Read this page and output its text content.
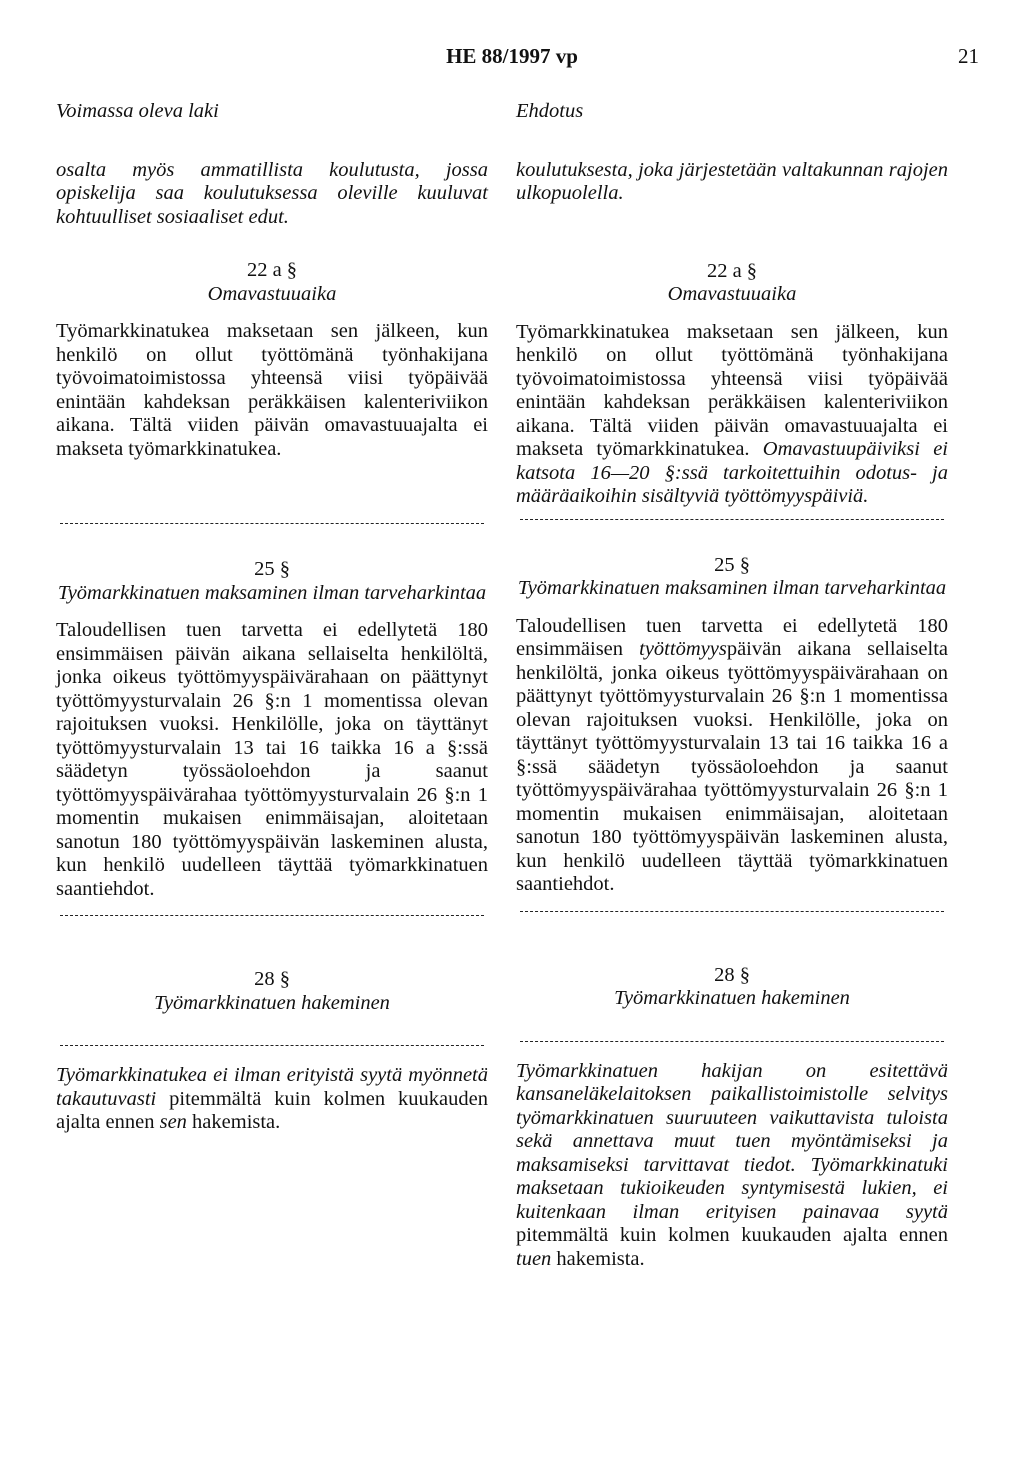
HE 88/1997 vp	21
Voimassa oleva laki

osalta myös ammatillista koulutusta, jossa opiskelija saa koulutuksessa oleville kuuluvat kohtuulliset sosiaaliset edut.

22 a §
Omavastuuaika

Työmarkkinatukea maksetaan sen jälkeen, kun henkilö on ollut työttömänä työnhakijana työvoimatoimistossa yhteensä viisi työpäivää enintään kahdeksan peräkkäisen kalenteriviikon aikana. Tältä viiden päivän omavastuuajalta ei makseta työmarkkinatukea.

25 §
Työmarkkinatuen maksaminen ilman tarveharkintaa

Taloudellisen tuen tarvetta ei edellytetä 180 ensimmäisen päivän aikana sellaiselta henkilöltä, jonka oikeus työttömyyspäivärahaan on päättynyt työttömyysturvalain 26 §:n 1 momentissa olevan rajoituksen vuoksi. Henkilölle, joka on täyttänyt työttömyysturvalain 13 tai 16 taikka 16 a §:ssä säädetyn työssäoloehdon ja saanut työttömyyspäivärahaa työttömyysturvalain 26 §:n 1 momentin mukaisen enimmäisajan, aloitetaan sanotun 180 työttömyyspäivän laskeminen alusta, kun henkilö uudelleen täyttää työmarkkinatuen saantiehdot.

28 §
Työmarkkinatuen hakeminen

Työmarkkinatukea ei ilman erityistä syytä myönnetä takautuvasti pitemmältä kuin kolmen kuukauden ajalta ennen sen hakemista.

Ehdotus

koulutuksesta, joka järjestetään valtakunnan rajojen ulkopuolella.

22 a §
Omavastuuaika

Työmarkkinatukea maksetaan sen jälkeen, kun henkilö on ollut työttömänä työnhakijana työvoimatoimistossa yhteensä viisi työpäivää enintään kahdeksan peräkkäisen kalenteriviikon aikana. Tältä viiden päivän omavastuuajalta ei makseta työmarkkinatukea. Omavastuupäiviksi ei katsota 16—20 §:ssä tarkoitettuihin odotus- ja määräaikoihin sisältyviä työttömyyspäiviä.

25 §
Työmarkkinatuen maksaminen ilman tarveharkintaa

Taloudellisen tuen tarvetta ei edellytetä 180 ensimmäisen työttömyyspäivän aikana sellaiselta henkilöltä, jonka oikeus työttömyyspäivärahaan on päättynyt työttömyysturvalain 26 §:n 1 momentissa olevan rajoituksen vuoksi. Henkilölle, joka on täyttänyt työttömyysturvalain 13 tai 16 taikka 16 a §:ssä säädetyn työssäoloehdon ja saanut työttömyyspäivärahaa työttömyysturvalain 26 §:n 1 momentin mukaisen enimmäisajan, aloitetaan sanotun 180 työttömyyspäivän laskeminen alusta, kun henkilö uudelleen täyttää työmarkkinatuen saantiehdot.

28 §
Työmarkkinatuen hakeminen

Työmarkkinatuen hakijan on esitettävä kansaneläkelaitoksen paikallistoimistolle selvitys työmarkkinatuen suuruuteen vaikuttavista tuloista sekä annettava muut tuen myöntämiseksi ja maksamiseksi tarvittavat tiedot. Työmarkkinatuki maksetaan tukioikeuden syntymisestä lukien, ei kuitenkaan ilman erityisen painavaa syytä pitemmältä kuin kolmen kuukauden ajalta ennen tuen hakemista.
